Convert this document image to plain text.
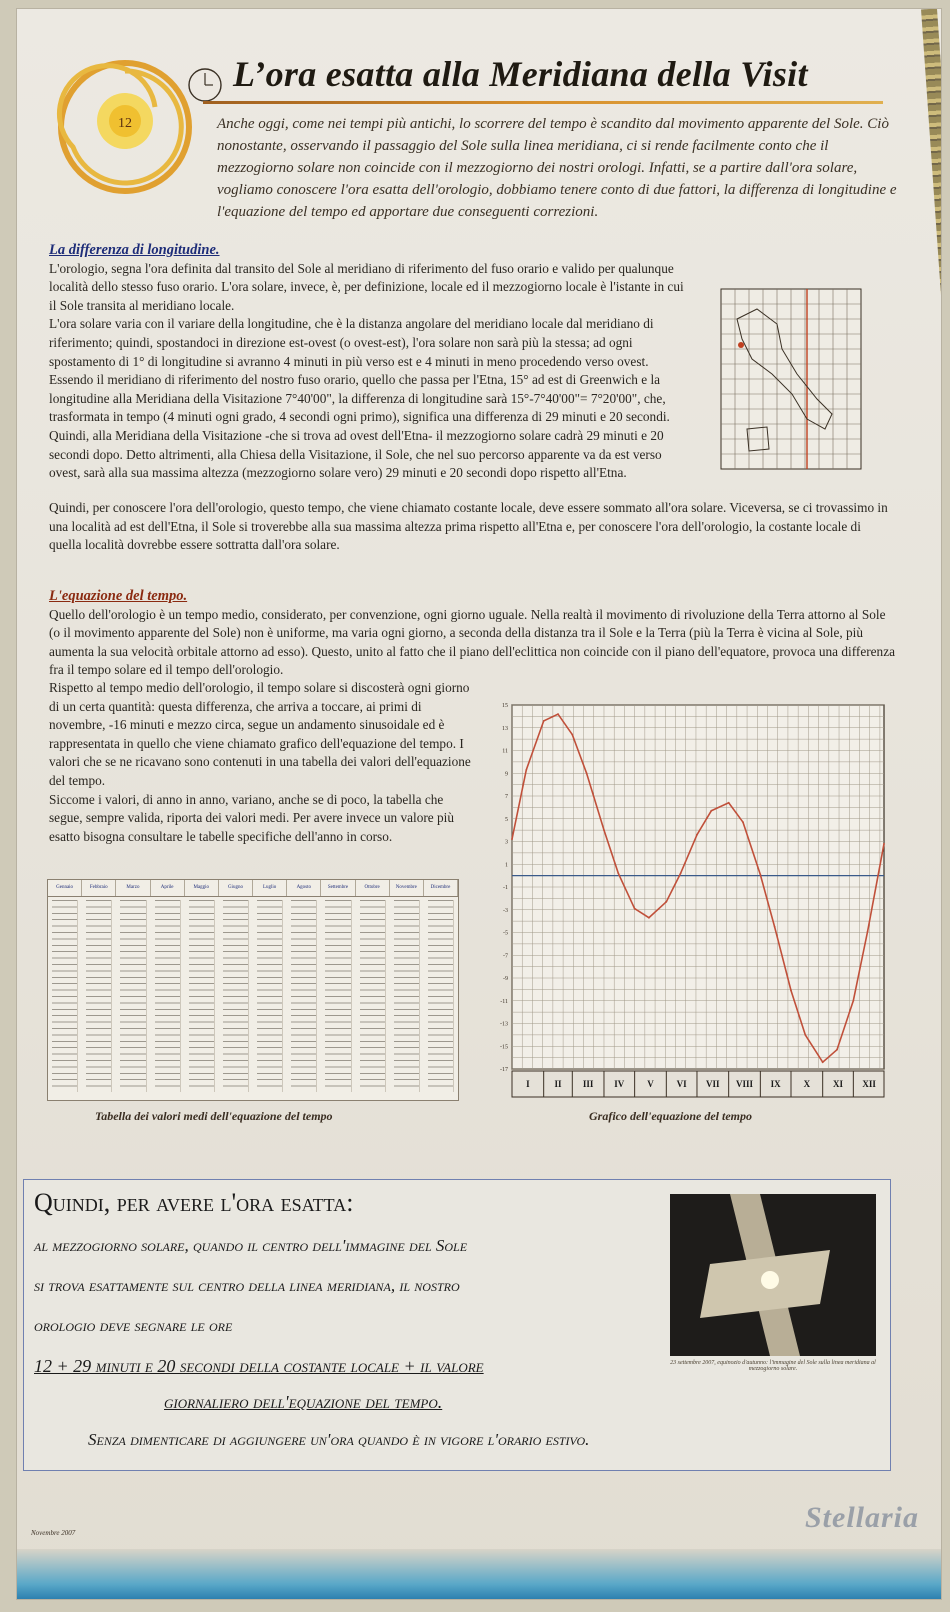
12
L’ora esatta alla Meridiana della Visit
Anche oggi, come nei tempi più antichi, lo scorrere del tempo è scandito dal movimento apparente del Sole. Ciò nonostante, osservando il passaggio del Sole sulla linea meridiana, ci si rende facilmente conto che il mezzogiorno solare non coincide con il mezzogiorno dei nostri orologi. Infatti, se a partire dall'ora solare, vogliamo conoscere l'ora esatta dell'orologio, dobbiamo tenere conto di due fattori, la differenza di longitudine e l'equazione del tempo ed apportare due conseguenti correzioni.
La differenza di longitudine.

L'orologio, segna l'ora definita dal transito del Sole al meridiano di riferimento del fuso orario e valido per qualunque località dello stesso fuso orario. L'ora solare, invece, è, per definizione, locale ed il mezzogiorno locale è l'istante in cui il Sole transita al meridiano locale.

L'ora solare varia con il variare della longitudine, che è la distanza angolare del meridiano locale dal meridiano di riferimento; quindi, spostandoci in direzione est-ovest (o ovest-est), l'ora solare non sarà più la stessa; ad ogni spostamento di 1° di longitudine si avranno 4 minuti in più verso est e 4 minuti in meno procedendo verso ovest.

Essendo il meridiano di riferimento del nostro fuso orario, quello che passa per l'Etna, 15° ad est di Greenwich e la longitudine alla Meridiana della Visitazione 7°40'00", la differenza di longitudine sarà 15°-7°40'00"= 7°20'00", che, trasformata in tempo (4 minuti ogni grado, 4 secondi ogni primo), significa una differenza di 29 minuti e 20 secondi. Quindi, alla Meridiana della Visitazione -che si trova ad ovest dell'Etna- il mezzogiorno solare cadrà 29 minuti e 20 secondi dopo. Detto altrimenti, alla Chiesa della Visitazione, il Sole, che nel suo percorso apparente va da est verso ovest, sarà alla sua massima altezza (mezzogiorno solare vero) 29 minuti e 20 secondi dopo rispetto all'Etna.

Quindi, per conoscere l'ora dell'orologio, questo tempo, che viene chiamato costante locale, deve essere sommato all'ora solare. Viceversa, se ci trovassimo in una località ad est dell'Etna, il Sole si troverebbe alla sua massima altezza prima rispetto all'Etna e, per conoscere l'ora dell'orologio, la costante locale di quella località dovrebbe essere sottratta dall'ora solare.

L'equazione del tempo.

Quello dell'orologio è un tempo medio, considerato, per convenzione, ogni giorno uguale. Nella realtà il movimento di rivoluzione della Terra attorno al Sole (o il movimento apparente del Sole) non è uniforme, ma varia ogni giorno, a seconda della distanza tra il Sole e la Terra (più la Terra è vicina al Sole, più aumenta la sua velocità orbitale attorno ad esso). Questo, unito al fatto che il piano dell'eclittica non coincide con il piano dell'equatore, provoca una differenza fra il tempo solare ed il tempo dell'orologio.

Rispetto al tempo medio dell'orologio, il tempo solare si discosterà ogni giorno di un certa quantità: questa differenza, che arriva a toccare, ai primi di novembre, -16 minuti e mezzo circa, segue un andamento sinusoidale ed è rappresentata in quello che viene chiamato grafico dell'equazione del tempo. I valori che se ne ricavano sono contenuti in una tabella dei valori dell'equazione del tempo.

Siccome i valori, di anno in anno, variano, anche se di poco, la tabella che segue, sempre valida, riporta dei valori medi. Per avere invece un valore più esatto bisogna consultare le tabelle specifiche dell'anno in corso.

Gennaio	Febbraio	Marzo	Aprile	Maggio	Giugno	Luglio	Agosto	Settembre	Ottobre	Novembre	Dicembre
Tabella dei valori medi dell'equazione del tempo
-17
-15
-13
-11
-9
-7
-5
-3
-1
1
3
5
7
9
11
13
15
I	II III IV	V	VI VII VIII IX	X	XI XII
Grafico dell'equazione del tempo
Quindi, per avere l'ora esatta:
al mezzogiorno solare, quando il centro dell'immagine del Sole
si trova esattamente sul centro della linea meridiana, il nostro
orologio deve segnare le ore
12 + 29 minuti e 20 secondi della costante locale + il valore
giornaliero dell'equazione del tempo.
Senza dimenticare di aggiungere un'ora quando è in vigore l'orario estivo.
23 settembre 2007, equinozio d'autunno: l'immagine del Sole sulla linea meridiana al mezzogiorno solare.
Novembre 2007	Stellaria
